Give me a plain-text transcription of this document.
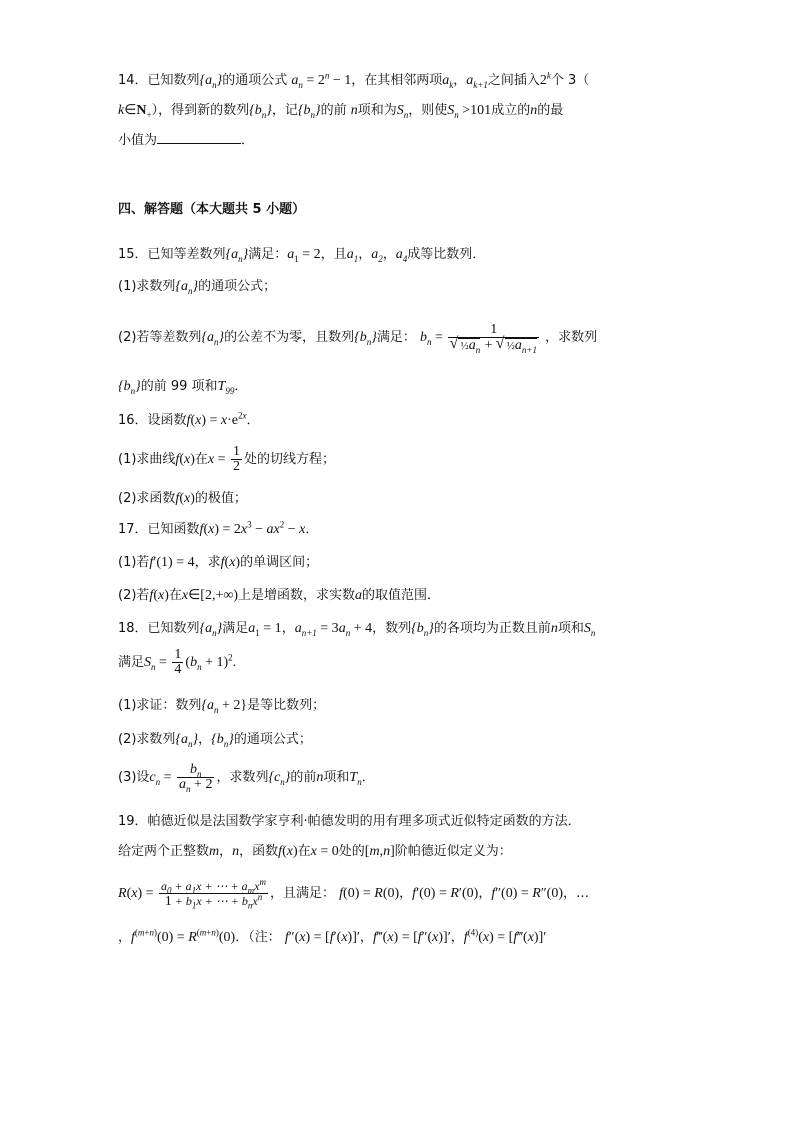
14．已知数列$\{a_n\}$的通项公式 $a_n = 2^n - 1$，在其相邻两项$a_k$，$a_{k+1}$之间插入2$^k$个 3（
$k\in N_+$），得到新的数列$\{b_n\}$，记$\{b_n\}$的前 n项和为$S_n$，则使$S_n >101$成立的n的最
小值为	．
四、解答题（本大题共 5 小题）
15．已知等差数列$\{a_n\}$满足：$a_1 = 2$，且$a_1$，$a_2$，$a_4$成等比数列．
(1)求数列$\{a_n\}$的通项公式；
(2)若等差数列$\{a_n\}$的公差不为零，且数列$\{b_n\}$满足： $b_n = 1$
√ $\frac{1}{2}a_n$ + √ $\frac{1}{2}a_{n+1}$ ，求数列
$\{b_n\}$的前 99 项和$T_{99}$．
16．设函数$f(x) = x\cdot e^{2x}$．
(1)求曲线f(x)在$x = \frac{1}{2}$ 处的切线方程；
(2)求函数f(x)的极值；
17．已知函数$f(x) = 2x^3 - ax^2 - x$．
(1)若f′(1) = 4，求f(x)的单调区间；
(2)若f(x)在x∈[2,+∞)上是增函数，求实数a的取值范围．
18．已知数列$\{a_n\}$满足$a_1 = 1$，$a_{n+1} = 3a_n + 4$，数列$\{b_n\}$的各项均为正数且前n项和$S_n$
满足$S_n = \frac{1}{4} (b_n + 1)^2$.
(1)求证：数列$\{a_n + 2\}$是等比数列；
(2)求数列$\{a_n\}$，$\{b_n\}$的通项公式；
(3)设$c_n = \frac{b_n}{a_n + 2}$ ，求数列$\{c_n\}$的前n项和$T_n$．
19．帕德近似是法国数学家亨利·帕德发明的用有理多项式近似特定函数的方法．
给定两个正整数m，n，函数f(x)在x = 0处的[m,n]阶帕德近似定义为：
$R(x) = \frac{a_0 + a_1x + \cdots + a_mx^m}{1 + b_1x + \cdots + b_nx^n}$ ，且满足： f(0) = R(0)，f′(0) = R′(0)，f″(0) = R″(0)，…
，$f^{(m+n)}(0) = R^{(m+n)}(0)$．（注： f″(x) = [f′(x)]′，f‴(x) = [f″(x)]′，$f^{(4)}(x)$ = [f‴(x)]′
